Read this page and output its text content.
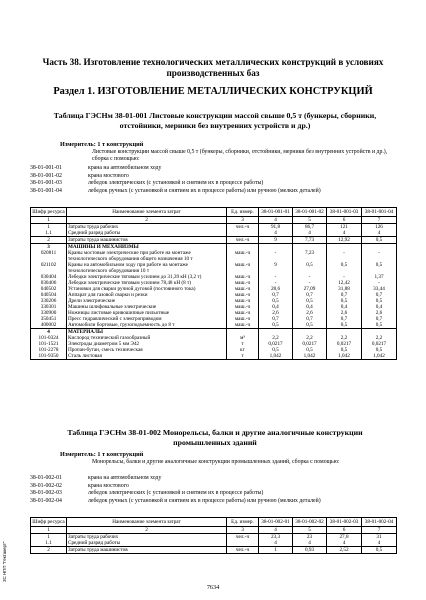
Часть 38. Изготовление технологических металлических конструкций в условиях производственных баз
Раздел 1. ИЗГОТОВЛЕНИЕ МЕТАЛЛИЧЕСКИХ КОНСТРУКЦИЙ
Таблица ГЭСНм 38-01-001 Листовые конструкции массой свыше 0,5 т (бункеры, сборники, отстойники, мерники без внутренних устройств и др.)
Измеритель: 1 т конструкций
Листовые конструкции массой свыше 0,5 т (бункеры, сборники, отстойники, мерники без внутренних устройств и др.), сборка с помощью:
38-01-001-01	крана на автомобильном ходу
38-01-001-02	крана мостового
38-01-001-03	лебедок электрических (с установкой и снятием их в процессе работы)
38-01-001-04	лебедок ручных (с установкой и снятием их в процессе работы) или ручною (мелких деталей)
Шифр ресурса	Наименование элемента затрат	Ед. измер.	38-01-001-01	38-01-001-02	38-01-001-03	38-01-001-04
1	2	3	4	5	6	7
1	Затраты труда рабочих	чел.-ч	91,8	86,7	121	126
1.1	Средний разряд работы		4	4	4	4
2	Затраты труда машинистов	чел.-ч	9	7,73	12,92	0,5
3	МАШИНЫ И МЕХАНИЗМЫ					
020811	Краны мостовые электрические при работе на монтаже технологического оборудования общего назначения 10 т	маш.-ч	-	7,23	-	-
021102	Краны на автомобильном ходу при работе на монтаже технологического оборудования 10 т	маш.-ч	9	0,5	0,5	0,5
030404	Лебедки электрические тяговым усилием до 31,39 кН (3,2 т)	маш.-ч	-	-	-	1,37
030406	Лебедки электрические тяговым усилием 78,48 кН (8 т)	маш.-ч	-	-	12,42	-
040502	Установки для сварки ручной дуговой (постоянного тока)	маш.-ч	28,6	27,09	31,88	33,44
040504	Аппарат для газовой сварки и резки	маш.-ч	0,7	0,7	0,7	0,7
330206	Дрели электрические	маш.-ч	0,5	0,5	0,5	0,5
330301	Машины шлифовальные электрические	маш.-ч	0,4	0,4	0,4	0,4
330900	Ножницы листовые кривошипные пильотные	маш.-ч	2,6	2,6	2,6	2,6
350451	Пресс гидравлический с электроприводом	маш.-ч	0,7	0,7	0,7	0,7
400002	Автомобили бортовые, грузоподъемность до 8 т	маш.-ч	0,5	0,5	0,5	0,5
4	МАТЕРИАЛЫ					
101-0324	Кислород технический газообразный	м³	2,2	2,2	2,2	2,2
101-1521	Электроды диаметром 5 мм Э42	т	0,0217	0,0217	0,0217	0,0217
101-2278	Пропан-бутан, смесь техническая	кг	0,5	0,5	0,5	0,5
101-9350	Сталь листовая	т	1,042	1,042	1,042	1,042
Таблица ГЭСНм 38-01-002 Монорельсы, балки и другие аналогичные конструкции промышленных зданий
Измеритель: 1 т конструкций
Монорельсы, балки и другие аналогичные конструкции промышленных зданий, сборка с помощью:
38-01-002-01	крана на автомобильном ходу
38-01-002-02	крана мостового
38-01-002-03	лебедок электрических (с установкой и снятием их в процессе работы)
38-01-002-04	лебедок ручных (с установкой и снятием их в процессе работы) или ручною (мелких деталей)
Шифр ресурса	Наименование элемента затрат	Ед. измер.	38-01-002-01	38-01-002-02	38-01-002-03	38-01-002-04
1	2	3	4	5	6	7
1	Затраты труда рабочих	чел.-ч	23,3	23	27,8	31
1.1	Средний разряд работы		4	4	4	4
2	Затраты труда машинистов	чел.-ч	1	0,93	2,52	0,5
ЗС НПП "Гектакерт"
7634
